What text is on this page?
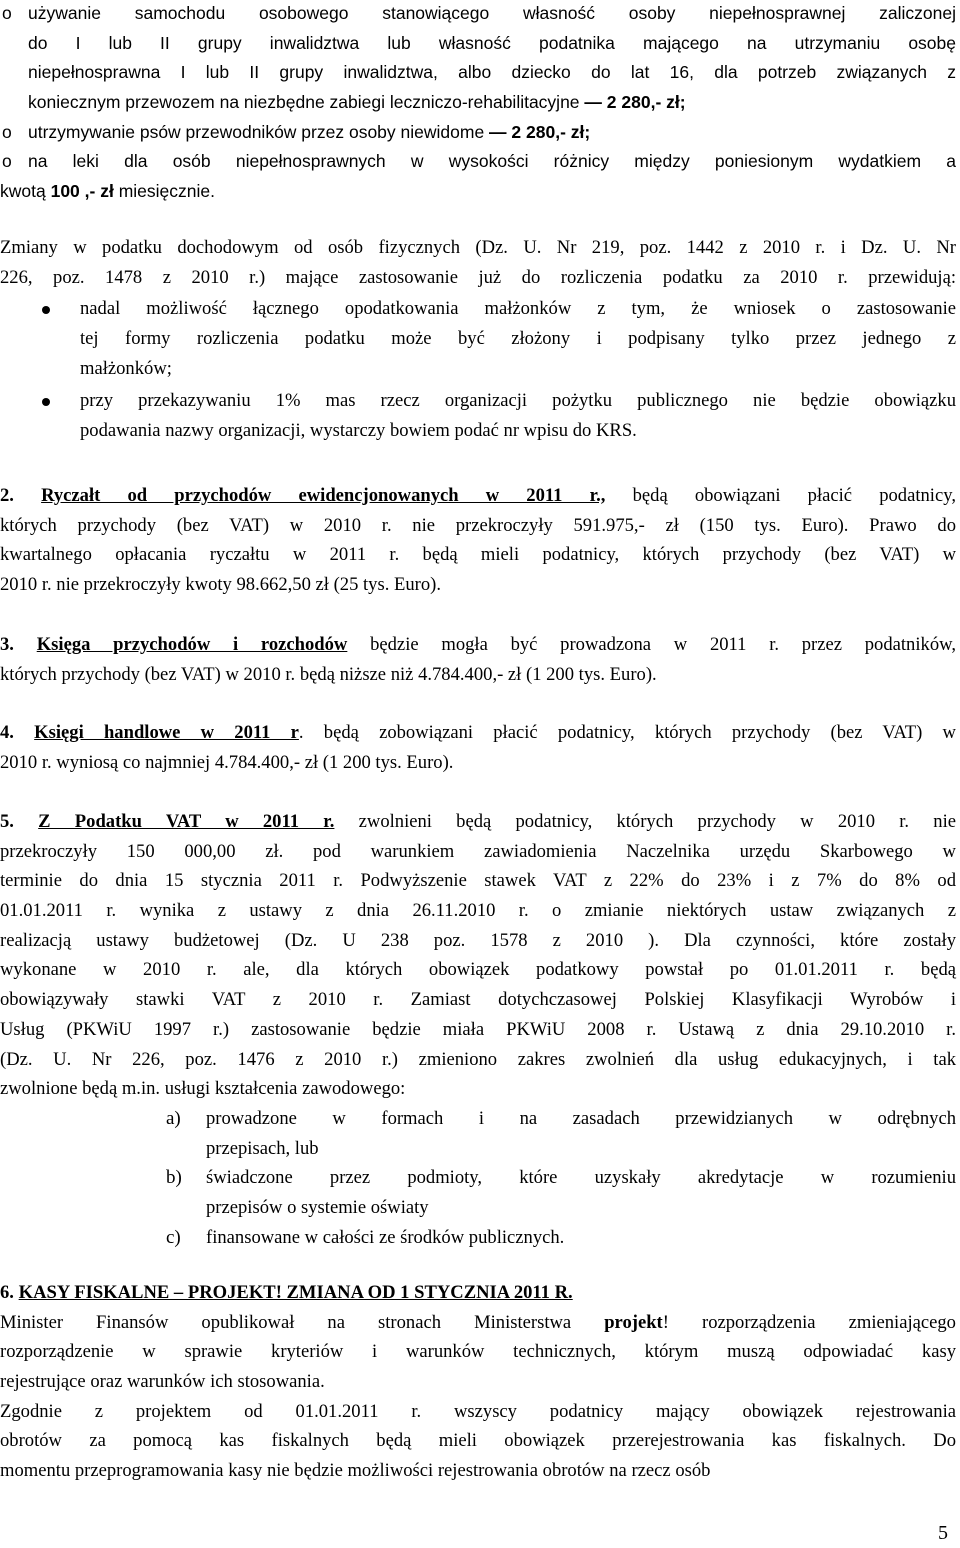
o używanie samochodu osobowego stanowiącego własność osoby niepełnosprawnej zaliczonej
do I lub II grupy inwalidztwa lub własność podatnika mającego na utrzymaniu osobę
niepełnosprawna I lub II grupy inwalidztwa, albo dziecko do lat 16, dla potrzeb związanych z
koniecznym przewozem na niezbędne zabiegi leczniczo-rehabilitacyjne — 2 280,- zł;
o utrzymywanie psów przewodników przez osoby niewidome — 2 280,- zł;
o na leki dla osób niepełnosprawnych w wysokości różnicy między poniesionym wydatkiem a
kwotą 100 ,- zł miesięcznie.
Zmiany w podatku dochodowym od osób fizycznych (Dz. U. Nr 219, poz. 1442 z 2010 r. i Dz. U. Nr
226, poz. 1478 z 2010 r.) mające zastosowanie już do rozliczenia podatku za 2010 r. przewidują:
nadal możliwość łącznego opodatkowania małżonków z tym, że wniosek o zastosowanie
tej formy rozliczenia podatku może być złożony i podpisany tylko przez jednego z
małżonków;
przy przekazywaniu 1% mas rzecz organizacji pożytku publicznego nie będzie obowiązku
podawania nazwy organizacji, wystarczy bowiem podać nr wpisu do KRS.
2. Ryczałt od przychodów ewidencjonowanych w 2011 r., będą obowiązani płacić podatnicy,
których przychody (bez VAT) w 2010 r. nie przekroczyły 591.975,- zł (150 tys. Euro). Prawo do
kwartalnego opłacania ryczałtu w 2011 r. będą mieli podatnicy, których przychody (bez VAT) w
2010 r. nie przekroczyły kwoty 98.662,50 zł (25 tys. Euro).
3. Księga przychodów i rozchodów będzie mogła być prowadzona w 2011 r. przez podatników,
których przychody (bez VAT) w 2010 r. będą niższe niż 4.784.400,- zł (1 200 tys. Euro).
4. Księgi handlowe w 2011 r. będą zobowiązani płacić podatnicy, których przychody (bez VAT) w
2010 r. wyniosą co najmniej 4.784.400,- zł (1 200 tys. Euro).
5. Z Podatku VAT w 2011 r. zwolnieni będą podatnicy, których przychody w 2010 r. nie
przekroczyły 150 000,00 zł. pod warunkiem zawiadomienia Naczelnika urzędu Skarbowego w
terminie do dnia 15 stycznia 2011 r. Podwyższenie stawek VAT z 22% do 23% i z 7% do 8% od
01.01.2011 r. wynika z ustawy z dnia 26.11.2010 r. o zmianie niektórych ustaw związanych z
realizacją ustawy budżetowej (Dz. U 238 poz. 1578 z 2010 ). Dla czynności, które zostały
wykonane w 2010 r. ale, dla których obowiązek podatkowy powstał po 01.01.2011 r. będą
obowiązywały stawki VAT z 2010 r. Zamiast dotychczasowej Polskiej Klasyfikacji Wyrobów i
Usług (PKWiU 1997 r.) zastosowanie będzie miała PKWiU 2008 r. Ustawą z dnia 29.10.2010 r.
(Dz. U. Nr 226, poz. 1476 z 2010 r.) zmieniono zakres zwolnień dla usług edukacyjnych, i tak
zwolnione będą m.in. usługi kształcenia zawodowego:
a) prowadzone w formach i na zasadach przewidzianych w odrębnych
przepisach, lub
b) świadczone przez podmioty, które uzyskały akredytacje w rozumieniu
przepisów o systemie oświaty
c) finansowane w całości ze środków publicznych.
6. KASY FISKALNE – PROJEKT! ZMIANA OD 1 STYCZNIA 2011 R.
Minister Finansów opublikował na stronach Ministerstwa projekt! rozporządzenia zmieniającego
rozporządzenie w sprawie kryteriów i warunków technicznych, którym muszą odpowiadać kasy
rejestrujące oraz warunków ich stosowania.
Zgodnie z projektem od 01.01.2011 r. wszyscy podatnicy mający obowiązek rejestrowania
obrotów za pomocą kas fiskalnych będą mieli obowiązek przerejestrowania kas fiskalnych. Do
momentu przeprogramowania kasy nie będzie możliwości rejestrowania obrotów na rzecz osób
5
